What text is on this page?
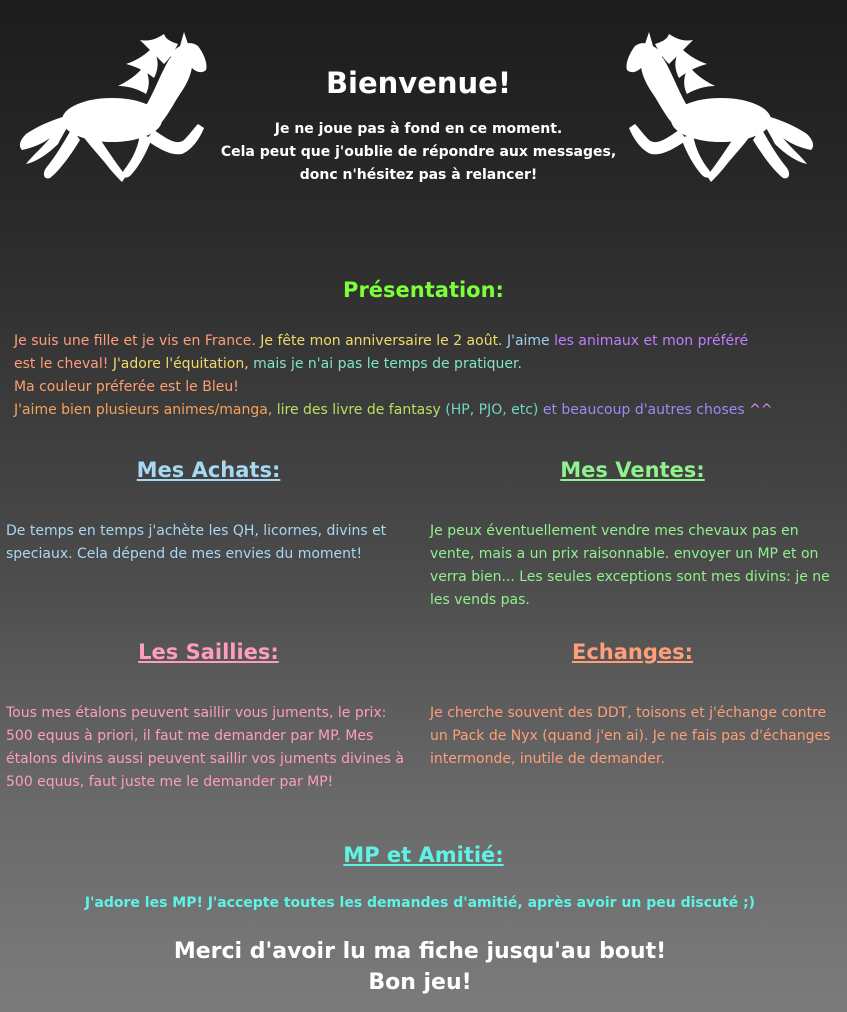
Bienvenue!
Je ne joue pas à fond en ce moment.
Cela peut que j'oublie de répondre aux messages,
donc n'hésitez pas à relancer!
Présentation:
Je suis une fille et je vis en France. Je fête mon anniversaire le 2 août. J'aime les animaux et mon préféré
est le cheval! J'adore l'équitation, mais je n'ai pas le temps de pratiquer.
Ma couleur préferée est le Bleu!
J'aime bien plusieurs animes/manga, lire des livre de fantasy (HP, PJO, etc) et beaucoup d'autres choses ^^
Mes Achats:

De temps en temps j'achète les QH, licornes, divins et speciaux. Cela dépend de mes envies du moment!

Mes Ventes:

Je peux éventuellement vendre mes chevaux pas en vente, mais a un prix raisonnable. envoyer un MP et on verra bien... Les seules exceptions sont mes divins: je ne les vends pas.

Les Saillies:

Tous mes étalons peuvent saillir vous juments, le prix: 500 equus à priori, il faut me demander par MP. Mes étalons divins aussi peuvent saillir vos juments divines à 500 equus, faut juste me le demander par MP!

Echanges:

Je cherche souvent des DDT, toisons et j'échange contre un Pack de Nyx (quand j'en ai). Je ne fais pas d'échanges intermonde, inutile de demander.

MP et Amitié:
J'adore les MP! J'accepte toutes les demandes d'amitié, après avoir un peu discuté ;)
Merci d'avoir lu ma fiche jusqu'au bout!
Bon jeu!
